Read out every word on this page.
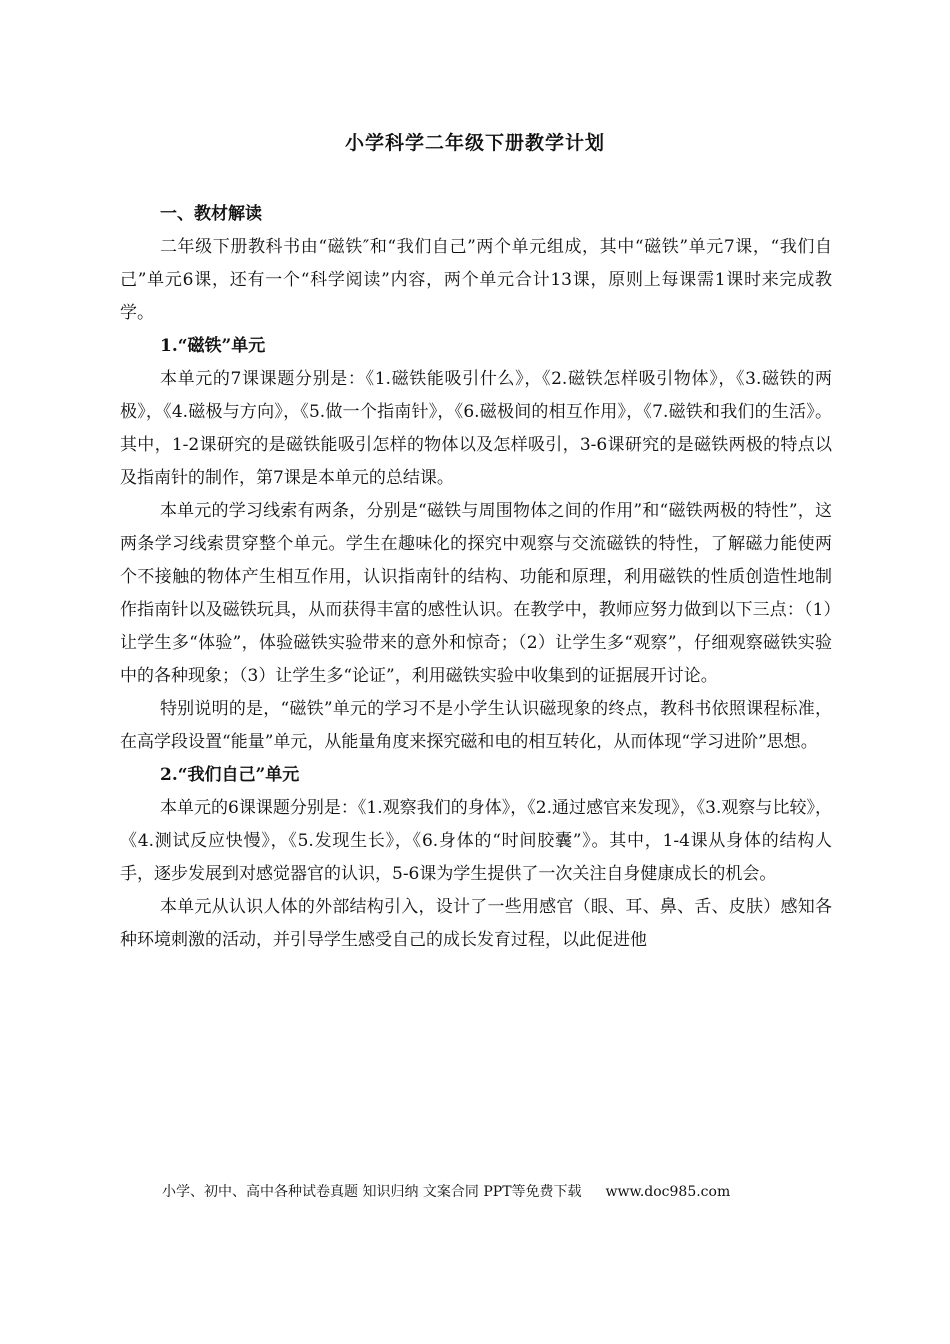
小学科学二年级下册教学计划

一、教材解读

二年级下册教科书由“磁铁″和“我们自己”两个单元组成，其中“磁铁”单元7课，“我们自己”单元6课，还有一个“科学阅读”内容，两个单元合计13课，原则上每课需1课时来完成教学。

1.“磁铁”单元

本单元的7课课题分别是：《1.磁铁能吸引什么》，《2.磁铁怎样吸引物体》，《3.磁铁的两极》，《4.磁极与方向》，《5.做一个指南针》，《6.磁极间的相互作用》，《7.磁铁和我们的生活》。其中，1-2课研究的是磁铁能吸引怎样的物体以及怎样吸引，3-6课研究的是磁铁两极的特点以及指南针的制作，第7课是本单元的总结课。

本单元的学习线索有两条，分别是“磁铁与周围物体之间的作用”和“磁铁两极的特性”，这两条学习线索贯穿整个单元。学生在趣味化的探究中观察与交流磁铁的特性，了解磁力能使两个不接触的物体产生相互作用，认识指南针的结构、功能和原理，利用磁铁的性质创造性地制作指南针以及磁铁玩具，从而获得丰富的感性认识。在教学中，教师应努力做到以下三点：（1）让学生多“体验”，体验磁铁实验带来的意外和惊奇；（2）让学生多“观察”，仔细观察磁铁实验中的各种现象；（3）让学生多“论证”，利用磁铁实验中收集到的证据展开讨论。

特别说明的是，“磁铁”单元的学习不是小学生认识磁现象的终点，教科书依照课程标准，在高学段设置“能量”单元，从能量角度来探究磁和电的相互转化，从而体现“学习进阶”思想。

2.“我们自己”单元

本单元的6课课题分别是：《1.观察我们的身体》，《2.通过感官来发现》，《3.观察与比较》，《4.测试反应快慢》，《5.发现生长》，《6.身体的“时间胶囊”》。其中，1-4课从身体的结构人手，逐步发展到对感觉器官的认识，5-6课为学生提供了一次关注自身健康成长的机会。

本单元从认识人体的外部结构引入，设计了一些用感官（眼、耳、鼻、舌、皮肤）感知各种环境刺激的活动，并引导学生感受自己的成长发育过程，以此促进他

小学、初中、高中各种试卷真题 知识归纳 文案合同 PPT等免费下载 www.doc985.com
